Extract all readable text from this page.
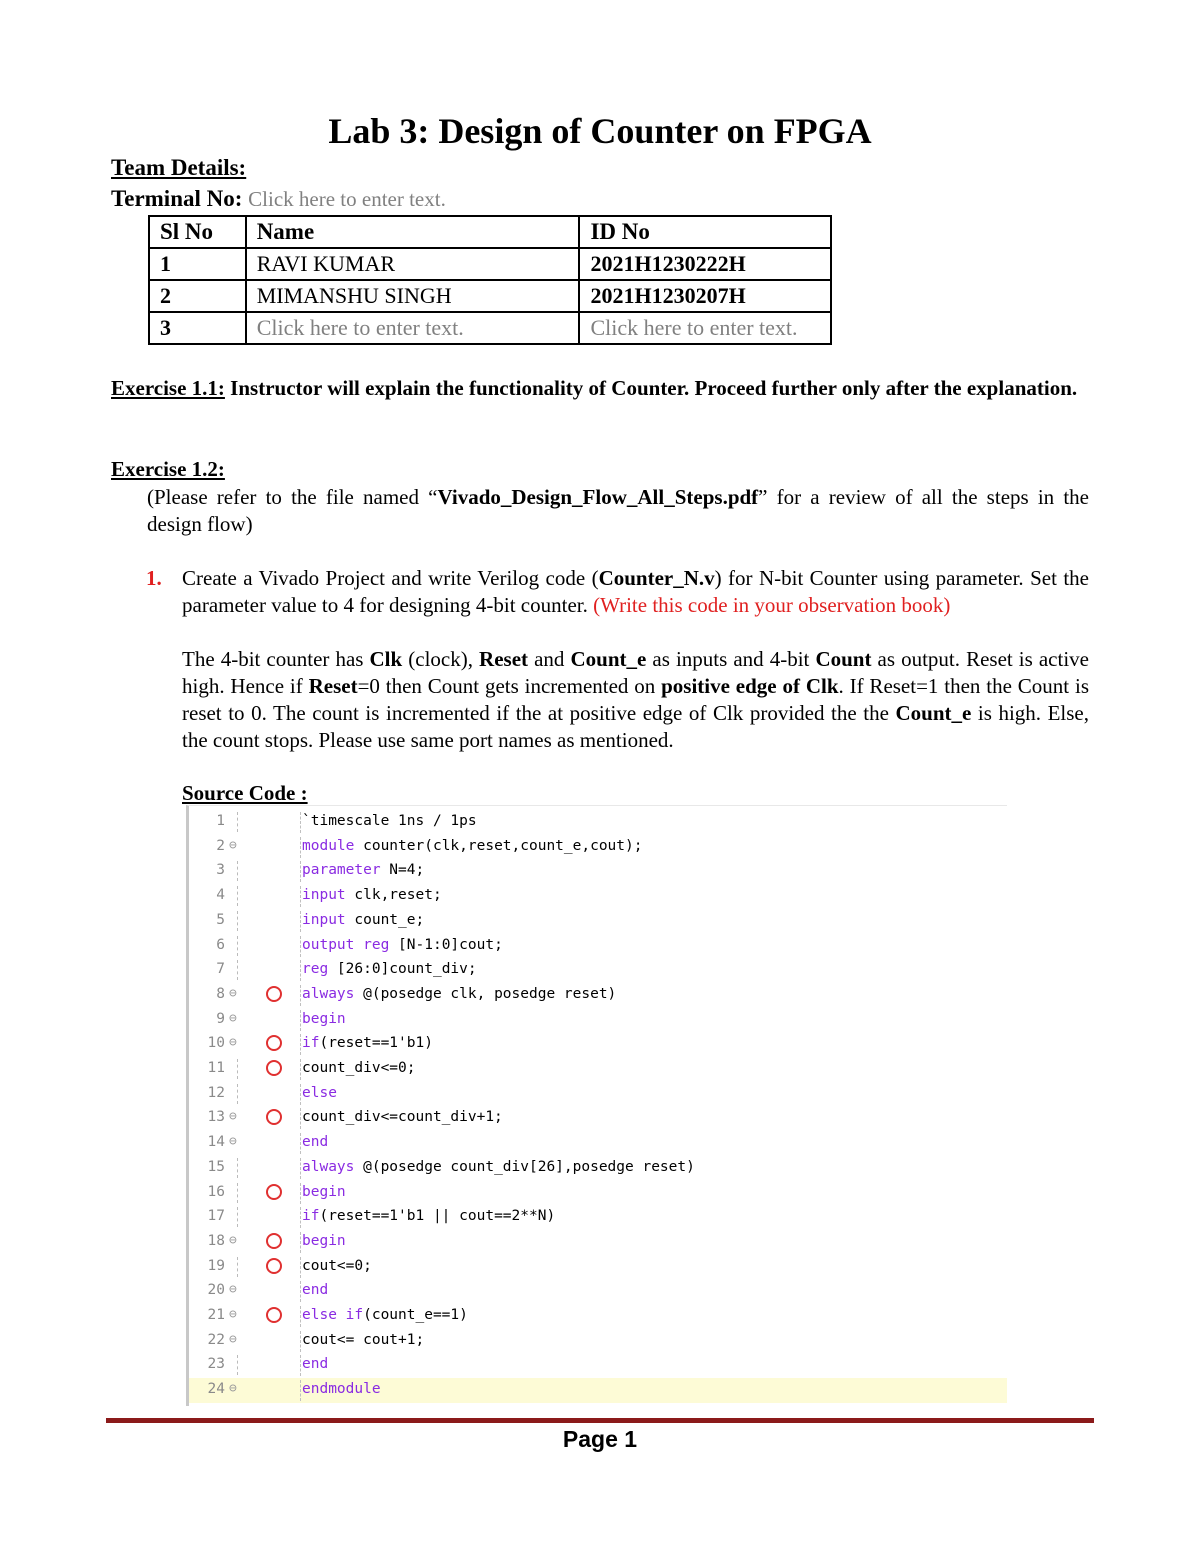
Lab 3: Design of Counter on FPGA
Team Details:
Terminal No: Click here to enter text.
Sl No	Name	ID No
1	RAVI KUMAR	2021H1230222H
2	MIMANSHU SINGH	2021H1230207H
3	Click here to enter text.	Click here to enter text.
Exercise 1.1: Instructor will explain the functionality of Counter. Proceed further only after the explanation.
Exercise 1.2:
(Please refer to the file named “Vivado_Design_Flow_All_Steps.pdf” for a review of all the steps in the design flow)
1. Create a Vivado Project and write Verilog code (Counter_N.v) for N-bit Counter using parameter. Set the parameter value to 4 for designing 4-bit counter. (Write this code in your observation book)
The 4-bit counter has Clk (clock), Reset and Count_e as inputs and 4-bit Count as output. Reset is active high. Hence if Reset=0 then Count gets incremented on positive edge of Clk. If Reset=1 then the Count is reset to 0. The count is incremented if the at positive edge of Clk provided the the Count_e is high. Else, the count stops. Please use same port names as mentioned.
Source Code :
1	`timescale 1ns / 1ps
2 ⊖	module counter(clk,reset,count_e,cout);
3	parameter N=4;
4	input clk,reset;
5	input count_e;
6	output reg [N-1:0]cout;
7	reg [26:0]count_div;
8 ⊖	always @(posedge clk, posedge reset)
9 ⊖	begin
10 ⊖	if(reset==1'b1)
11	count_div<=0;
12	else
13 ⊖	count_div<=count_div+1;
14 ⊖	end
15	always @(posedge count_div[26],posedge reset)
16	begin
17	if(reset==1'b1 || cout==2**N)
18 ⊖	begin
19	cout<=0;
20 ⊖	end
21 ⊖	else if(count_e==1)
22 ⊖	cout<= cout+1;
23	end
24 ⊖	endmodule
Page 1
